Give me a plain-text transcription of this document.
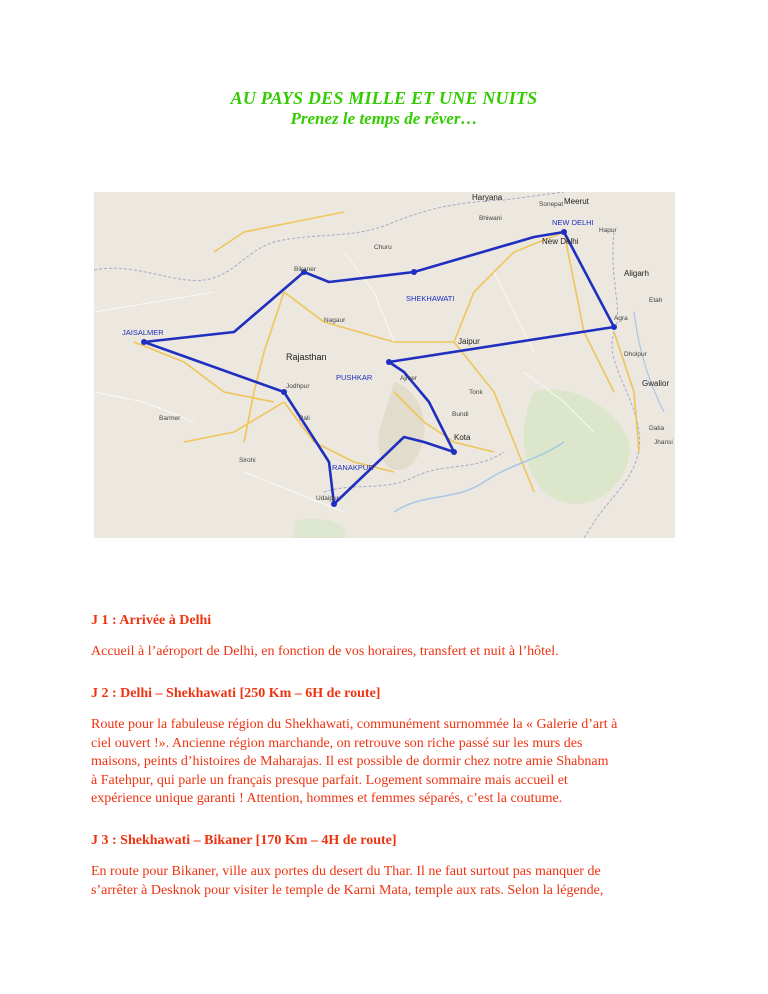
AU PAYS DES MILLE ET UNE NUITS
Prenez le temps de rêver…
NEW DELHI
SHEKHAWATI
JAISALMER
PUSHKAR
RANAKPUR
New Delhi
Jaipur
Rajasthan
Bikaner
Jodhpur
Agra
Aligarh
Gwalior
Kota
Udaipur
Ajmer
Meerut
Bhiwani
Churu
Nagaur
Barmer
Sirohi
Tonk
Bundi
Pali
Haryana
Sonepat
Hapur
Etah
Dholpur
Datia
Jhansi

J 1 : Arrivée à Delhi

Accueil à l’aéroport de Delhi, en fonction de vos horaires, transfert et nuit à l’hôtel.

J 2 : Delhi – Shekhawati [250 Km – 6H de route]

Route pour la fabuleuse région du Shekhawati, communément surnommée la « Galerie d’art à

ciel ouvert !». Ancienne région marchande, on retrouve son riche passé sur les murs des

maisons, peints d’histoires de Maharajas. Il est possible de dormir chez notre amie Shabnam

à Fatehpur, qui parle un français presque parfait. Logement sommaire mais accueil et

expérience unique garanti ! Attention, hommes et femmes séparés, c’est la coutume.

J 3 : Shekhawati – Bikaner [170 Km – 4H de route]

En route pour Bikaner, ville aux portes du desert du Thar. Il ne faut surtout pas manquer de

s’arrêter à Desknok pour visiter le temple de Karni Mata, temple aux rats. Selon la légende,
